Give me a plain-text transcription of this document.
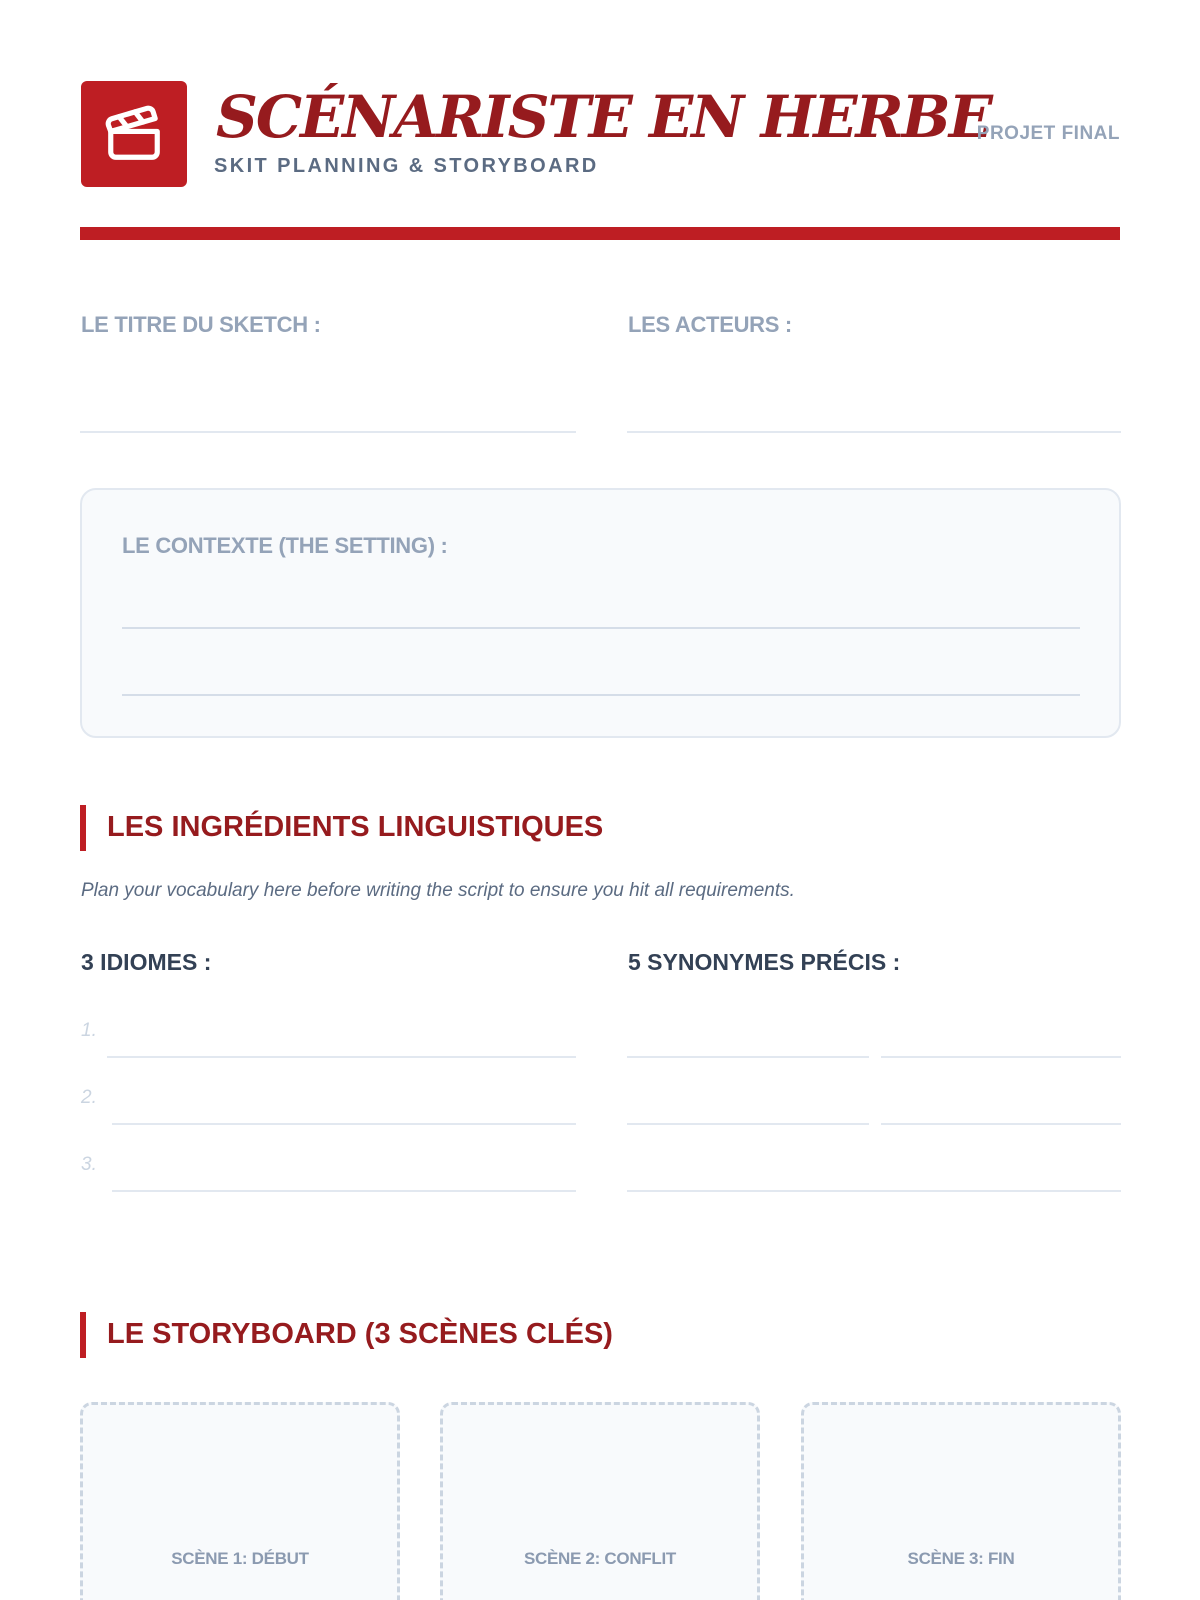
SCÉNARISTE EN HERBE
SKIT PLANNING & STORYBOARD
PROJET FINAL
LE TITRE DU SKETCH :	LES ACTEURS :
LE CONTEXTE (THE SETTING) :
LES INGRÉDIENTS LINGUISTIQUES
Plan your vocabulary here before writing the script to ensure you hit all requirements.
3 IDIOMES :	5 SYNONYMES PRÉCIS :
1.
2.
3.
LE STORYBOARD (3 SCÈNES CLÉS)
SCÈNE 1: DÉBUT	SCÈNE 2: CONFLIT	SCÈNE 3: FIN
